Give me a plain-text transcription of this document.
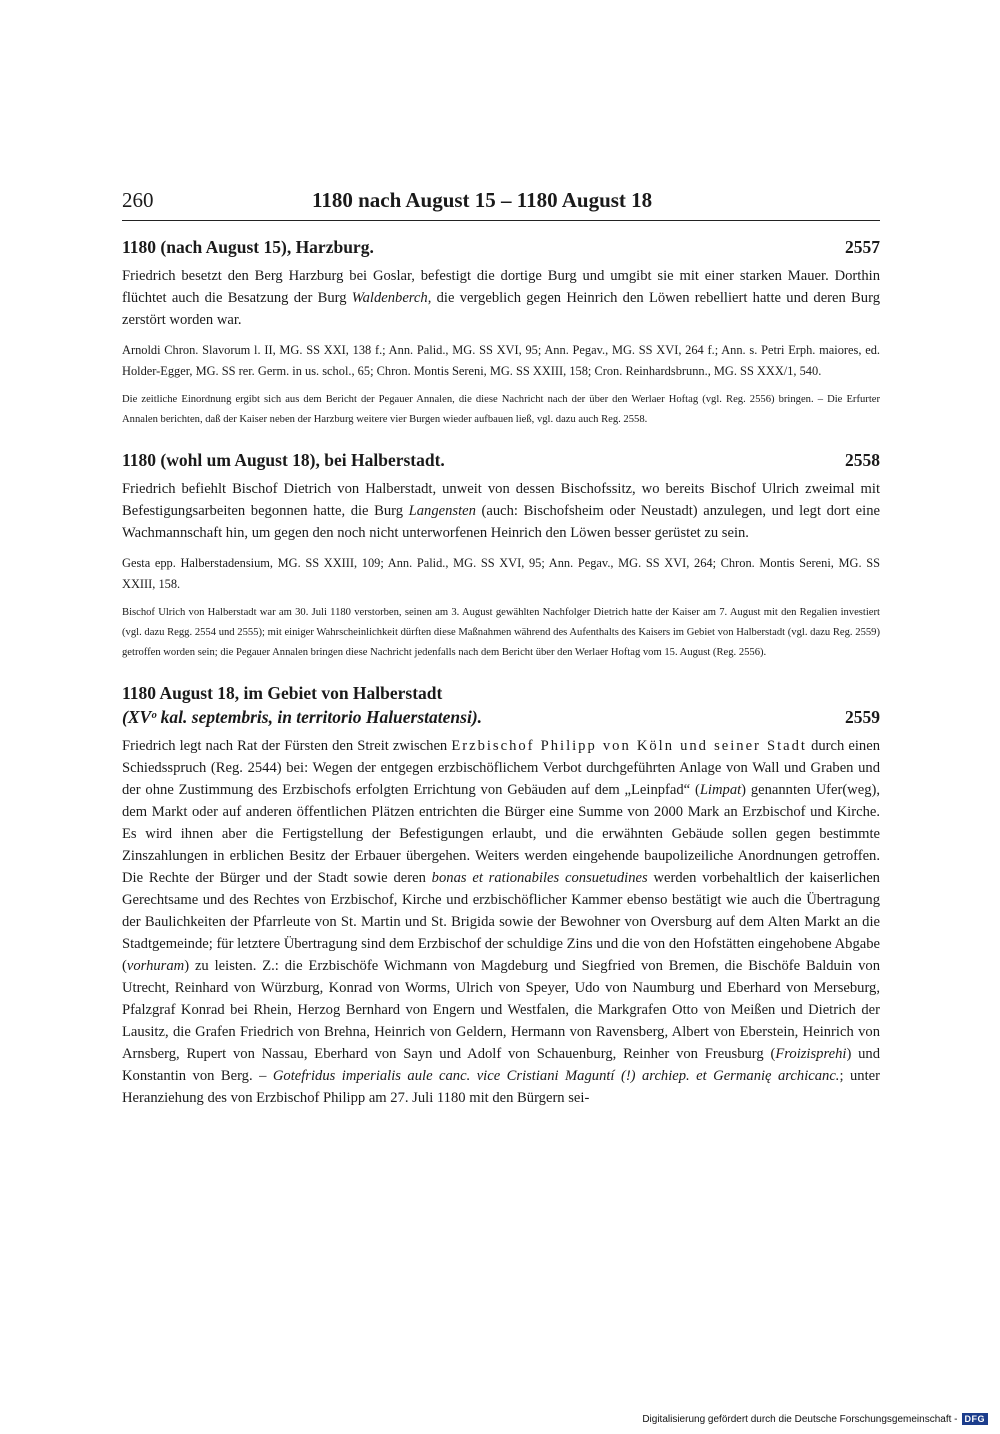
260	1180 nach August 15 – 1180 August 18
1180 (nach August 15), Harzburg.	2557

Friedrich besetzt den Berg Harzburg bei Goslar, befestigt die dortige Burg und umgibt sie mit einer starken Mauer. Dorthin flüchtet auch die Besatzung der Burg Waldenberch, die vergeblich gegen Heinrich den Löwen rebelliert hatte und deren Burg zerstört worden war.

Arnoldi Chron. Slavorum l. II, MG. SS XXI, 138 f.; Ann. Palid., MG. SS XVI, 95; Ann. Pegav., MG. SS XVI, 264 f.; Ann. s. Petri Erph. maiores, ed. Holder-Egger, MG. SS rer. Germ. in us. schol., 65; Chron. Montis Sereni, MG. SS XXIII, 158; Cron. Reinhardsbrunn., MG. SS XXX/1, 540.

Die zeitliche Einordnung ergibt sich aus dem Bericht der Pegauer Annalen, die diese Nachricht nach der über den Werlaer Hoftag (vgl. Reg. 2556) bringen. – Die Erfurter Annalen berichten, daß der Kaiser neben der Harzburg weitere vier Burgen wieder aufbauen ließ, vgl. dazu auch Reg. 2558.

1180 (wohl um August 18), bei Halberstadt.	2558

Friedrich befiehlt Bischof Dietrich von Halberstadt, unweit von dessen Bischofssitz, wo bereits Bischof Ulrich zweimal mit Befestigungsarbeiten begonnen hatte, die Burg Langensten (auch: Bischofsheim oder Neustadt) anzulegen, und legt dort eine Wachmannschaft hin, um gegen den noch nicht unterworfenen Heinrich den Löwen besser gerüstet zu sein.

Gesta epp. Halberstadensium, MG. SS XXIII, 109; Ann. Palid., MG. SS XVI, 95; Ann. Pegav., MG. SS XVI, 264; Chron. Montis Sereni, MG. SS XXIII, 158.

Bischof Ulrich von Halberstadt war am 30. Juli 1180 verstorben, seinen am 3. August gewählten Nachfolger Dietrich hatte der Kaiser am 7. August mit den Regalien investiert (vgl. dazu Regg. 2554 und 2555); mit einiger Wahrscheinlichkeit dürften diese Maßnahmen während des Aufenthalts des Kaisers im Gebiet von Halberstadt (vgl. dazu Reg. 2559) getroffen worden sein; die Pegauer Annalen bringen diese Nachricht jedenfalls nach dem Bericht über den Werlaer Hoftag vom 15. August (Reg. 2556).

1180 August 18, im Gebiet von Halberstadt
(XVᵒ kal. septembris, in territorio Haluerstatensi).	2559

Friedrich legt nach Rat der Fürsten den Streit zwischen Erzbischof Philipp von Köln und seiner Stadt durch einen Schiedsspruch (Reg. 2544) bei: Wegen der entgegen erzbischöflichem Verbot durchgeführten Anlage von Wall und Graben und der ohne Zustimmung des Erzbischofs erfolgten Errichtung von Gebäuden auf dem „Leinpfad“ (Limpat) genannten Ufer(weg), dem Markt oder auf anderen öffentlichen Plätzen entrichten die Bürger eine Summe von 2000 Mark an Erzbischof und Kirche. Es wird ihnen aber die Fertigstellung der Befestigungen erlaubt, und die erwähnten Gebäude sollen gegen bestimmte Zinszahlungen in erblichen Besitz der Erbauer übergehen. Weiters werden eingehende baupolizeiliche Anordnungen getroffen. Die Rechte der Bürger und der Stadt sowie deren bonas et rationabiles consuetudines werden vorbehaltlich der kaiserlichen Gerechtsame und des Rechtes von Erzbischof, Kirche und erzbischöflicher Kammer ebenso bestätigt wie auch die Übertragung der Baulichkeiten der Pfarrleute von St. Martin und St. Brigida sowie der Bewohner von Oversburg auf dem Alten Markt an die Stadtgemeinde; für letztere Übertragung sind dem Erzbischof der schuldige Zins und die von den Hofstätten eingehobene Abgabe (vorhuram) zu leisten. Z.: die Erzbischöfe Wichmann von Magdeburg und Siegfried von Bremen, die Bischöfe Balduin von Utrecht, Reinhard von Würzburg, Konrad von Worms, Ulrich von Speyer, Udo von Naumburg und Eberhard von Merseburg, Pfalzgraf Konrad bei Rhein, Herzog Bernhard von Engern und Westfalen, die Markgrafen Otto von Meißen und Dietrich der Lausitz, die Grafen Friedrich von Brehna, Heinrich von Geldern, Hermann von Ravensberg, Albert von Eberstein, Heinrich von Arnsberg, Rupert von Nassau, Eberhard von Sayn und Adolf von Schauenburg, Reinher von Freusburg (Froizisprehi) und Konstantin von Berg. – Gotefridus imperialis aule canc. vice Cristiani Maguntí (!) archiep. et Germanię archicanc.; unter Heranziehung des von Erzbischof Philipp am 27. Juli 1180 mit den Bürgern sei-

Digitalisierung gefördert durch die Deutsche Forschungsgemeinschaft - DFG
